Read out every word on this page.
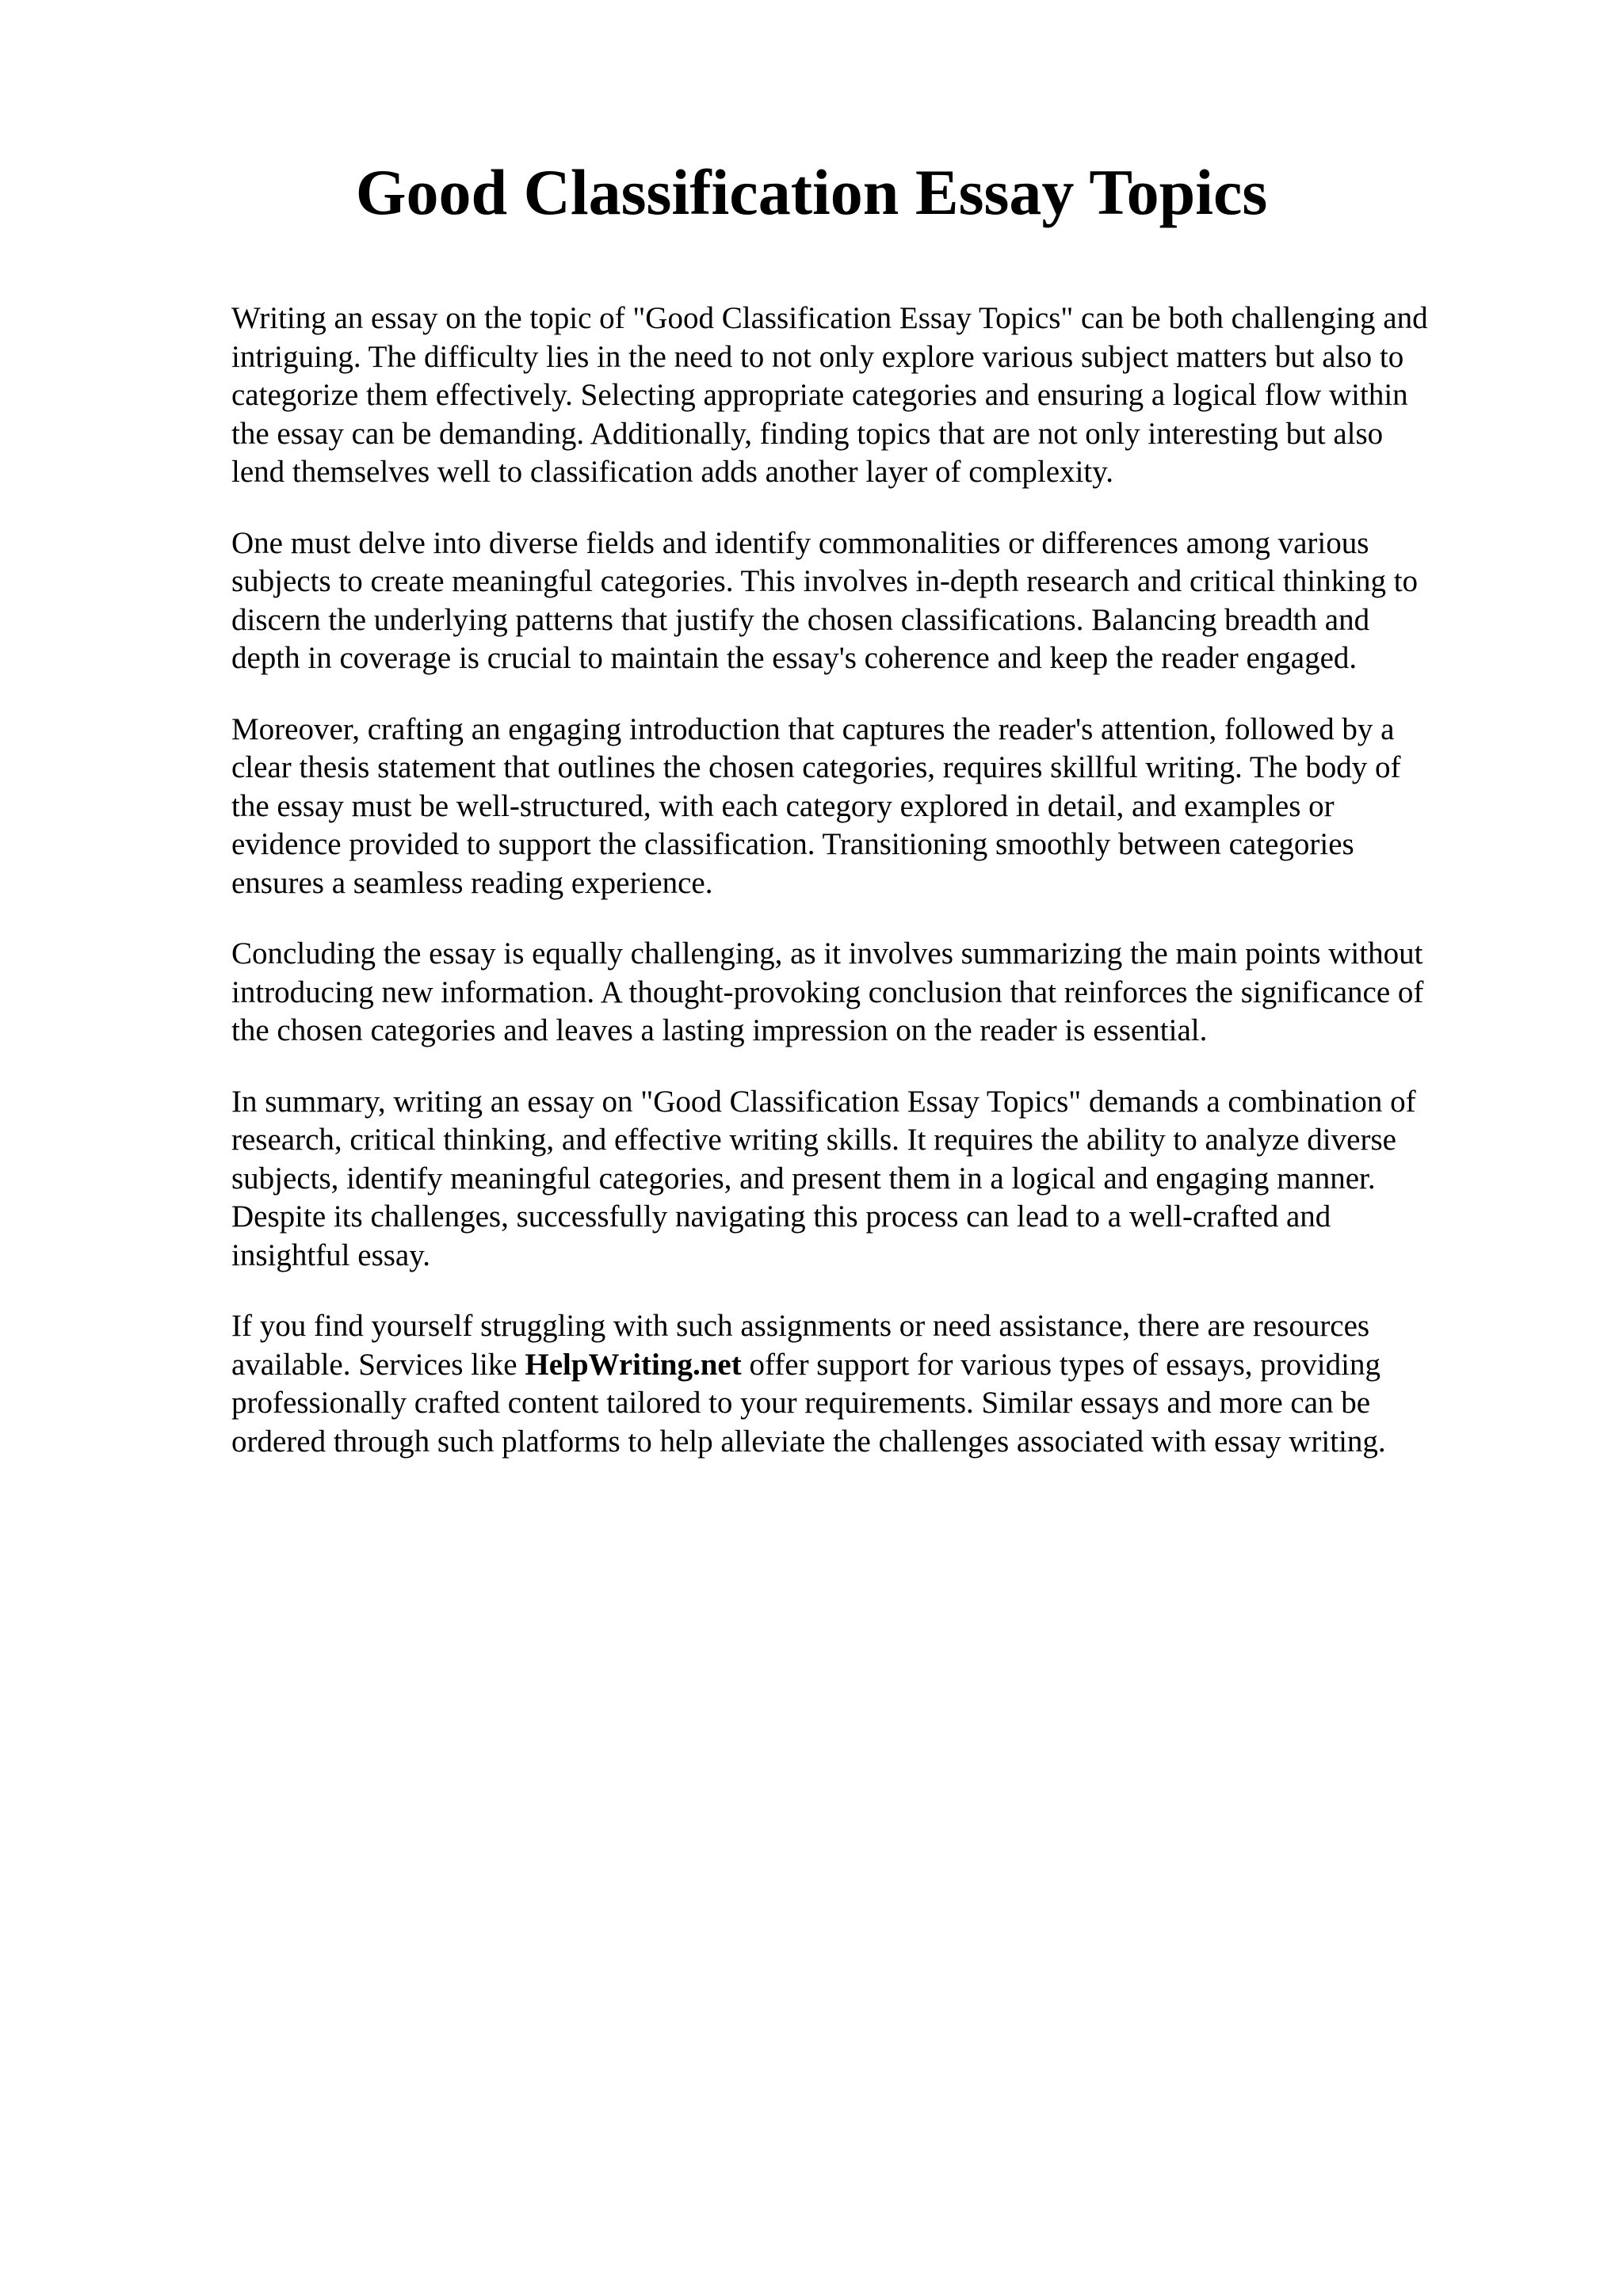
Good Classification Essay Topics

Writing an essay on the topic of "Good Classification Essay Topics" can be both challenging and
intriguing. The difficulty lies in the need to not only explore various subject matters but also to
categorize them effectively. Selecting appropriate categories and ensuring a logical flow within
the essay can be demanding. Additionally, finding topics that are not only interesting but also
lend themselves well to classification adds another layer of complexity.

One must delve into diverse fields and identify commonalities or differences among various
subjects to create meaningful categories. This involves in-depth research and critical thinking to
discern the underlying patterns that justify the chosen classifications. Balancing breadth and
depth in coverage is crucial to maintain the essay's coherence and keep the reader engaged.

Moreover, crafting an engaging introduction that captures the reader's attention, followed by a
clear thesis statement that outlines the chosen categories, requires skillful writing. The body of
the essay must be well-structured, with each category explored in detail, and examples or
evidence provided to support the classification. Transitioning smoothly between categories
ensures a seamless reading experience.

Concluding the essay is equally challenging, as it involves summarizing the main points without
introducing new information. A thought-provoking conclusion that reinforces the significance of
the chosen categories and leaves a lasting impression on the reader is essential.

In summary, writing an essay on "Good Classification Essay Topics" demands a combination of
research, critical thinking, and effective writing skills. It requires the ability to analyze diverse
subjects, identify meaningful categories, and present them in a logical and engaging manner.
Despite its challenges, successfully navigating this process can lead to a well-crafted and
insightful essay.

If you find yourself struggling with such assignments or need assistance, there are resources
available. Services like HelpWriting.net offer support for various types of essays, providing
professionally crafted content tailored to your requirements. Similar essays and more can be
ordered through such platforms to help alleviate the challenges associated with essay writing.
